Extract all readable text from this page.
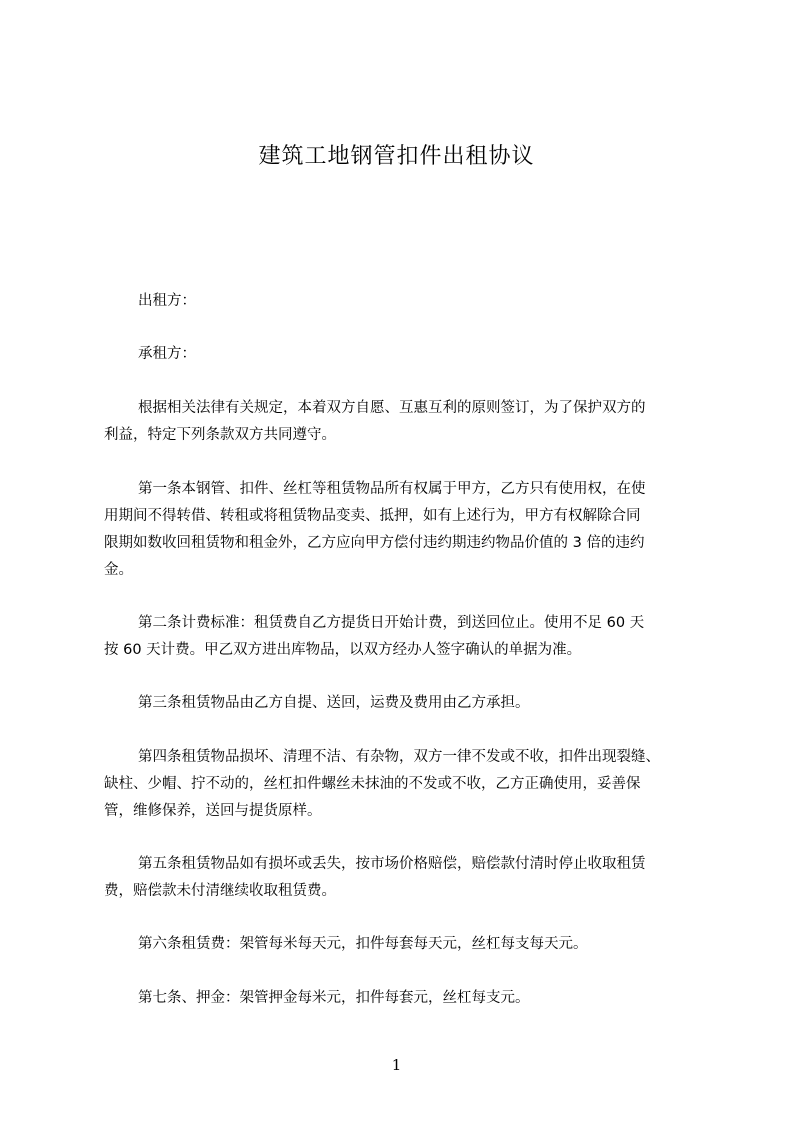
建筑工地钢管扣件出租协议

出租方：

承租方：

根据相关法律有关规定，本着双方自愿、互惠互利的原则签订，为了保护双方的

利益，特定下列条款双方共同遵守。

第一条本钢管、扣件、丝杠等租赁物品所有权属于甲方，乙方只有使用权，在使

用期间不得转借、转租或将租赁物品变卖、抵押，如有上述行为，甲方有权解除合同

限期如数收回租赁物和租金外，乙方应向甲方偿付违约期违约物品价值的 3 倍的违约

金。

第二条计费标准：租赁费自乙方提货日开始计费，到送回位止。使用不足 60 天

按 60 天计费。甲乙双方进出库物品，以双方经办人签字确认的单据为准。

第三条租赁物品由乙方自提、送回，运费及费用由乙方承担。

第四条租赁物品损坏、清理不洁、有杂物，双方一律不发或不收，扣件出现裂缝、

缺柱、少帽、拧不动的，丝杠扣件螺丝未抹油的不发或不收，乙方正确使用，妥善保

管，维修保养，送回与提货原样。

第五条租赁物品如有损坏或丢失，按市场价格赔偿，赔偿款付清时停止收取租赁

费，赔偿款未付清继续收取租赁费。

第六条租赁费：架管每米每天元，扣件每套每天元，丝杠每支每天元。

第七条、押金：架管押金每米元，扣件每套元，丝杠每支元。

1
